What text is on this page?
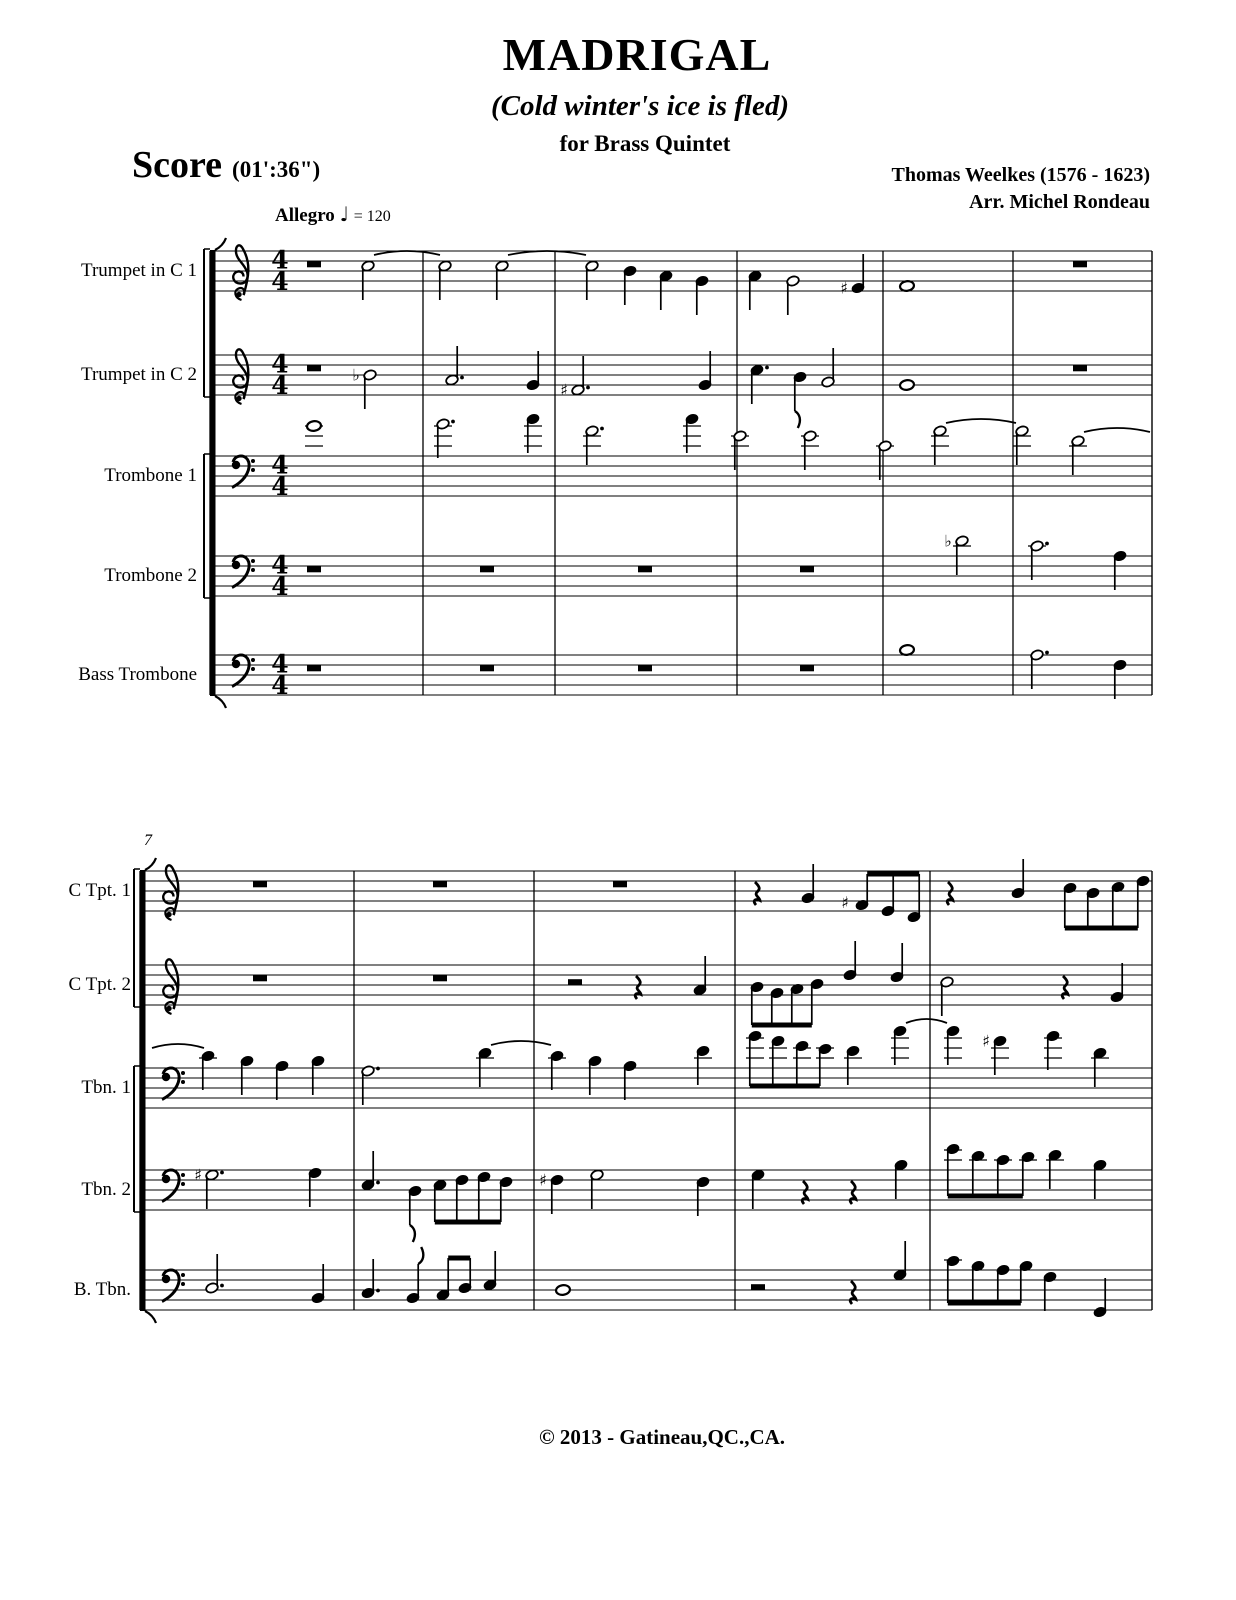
MADRIGAL
(Cold winter's ice is fled)
for Brass Quintet
Score (01':36")	Thomas Weelkes (1576 - 1623)
Arr. Michel Rondeau
Allegro ♩ = 120
7
4
4	♯
4
4	♭
♯
4
4
4
4
♭
4
4
♯
♯
♯	♯
© 2013 - Gatineau,QC.,CA.
Trumpet in C 1
Trumpet in C 2
Trombone 1
Trombone 2
Bass Trombone
C Tpt. 1
C Tpt. 2
Tbn. 1
Tbn. 2
B. Tbn.
